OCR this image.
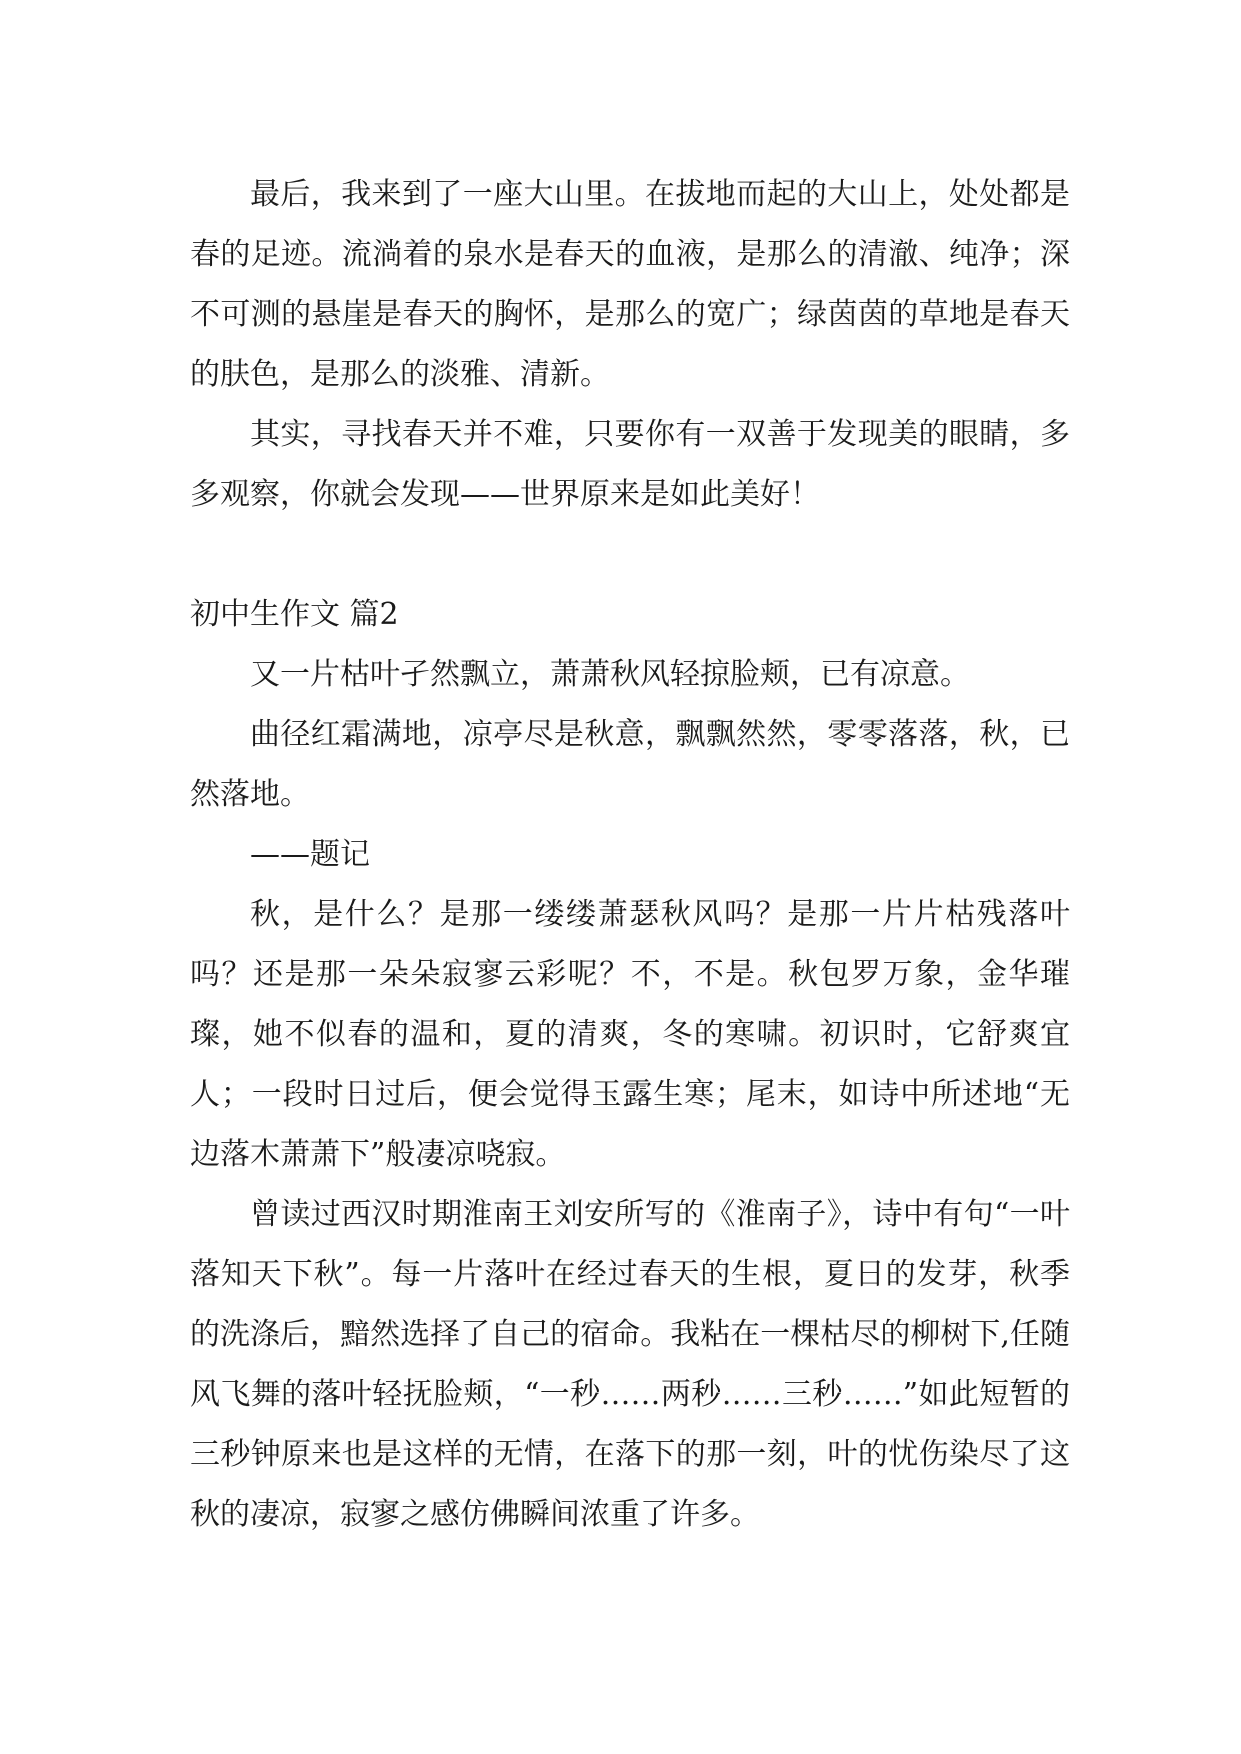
最后，我来到了一座大山里。在拔地而起的大山上，处处都是春的足迹。流淌着的泉水是春天的血液，是那么的清澈、纯净；深不可测的悬崖是春天的胸怀，是那么的宽广；绿茵茵的草地是春天的肤色，是那么的淡雅、清新。

其实，寻找春天并不难，只要你有一双善于发现美的眼睛，多多观察，你就会发现——世界原来是如此美好！

初中生作文 篇2

又一片枯叶孑然飘立，萧萧秋风轻掠脸颊，已有凉意。

曲径红霜满地，凉亭尽是秋意，飘飘然然，零零落落，秋，已然落地。

——题记

秋，是什么？是那一缕缕萧瑟秋风吗？是那一片片枯残落叶吗？还是那一朵朵寂寥云彩呢？不，不是。秋包罗万象，金华璀璨，她不似春的温和，夏的清爽，冬的寒啸。初识时，它舒爽宜人；一段时日过后，便会觉得玉露生寒；尾末，如诗中所述地“无边落木萧萧下”般凄凉哓寂。

曾读过西汉时期淮南王刘安所写的《淮南子》，诗中有句“一叶落知天下秋”。每一片落叶在经过春天的生根，夏日的发芽，秋季的洗涤后，黯然选择了自己的宿命。我粘在一棵枯尽的柳树下,任随风飞舞的落叶轻抚脸颊，“一秒……两秒……三秒……”如此短暂的三秒钟原来也是这样的无情，在落下的那一刻，叶的忧伤染尽了这秋的凄凉，寂寥之感仿佛瞬间浓重了许多。
